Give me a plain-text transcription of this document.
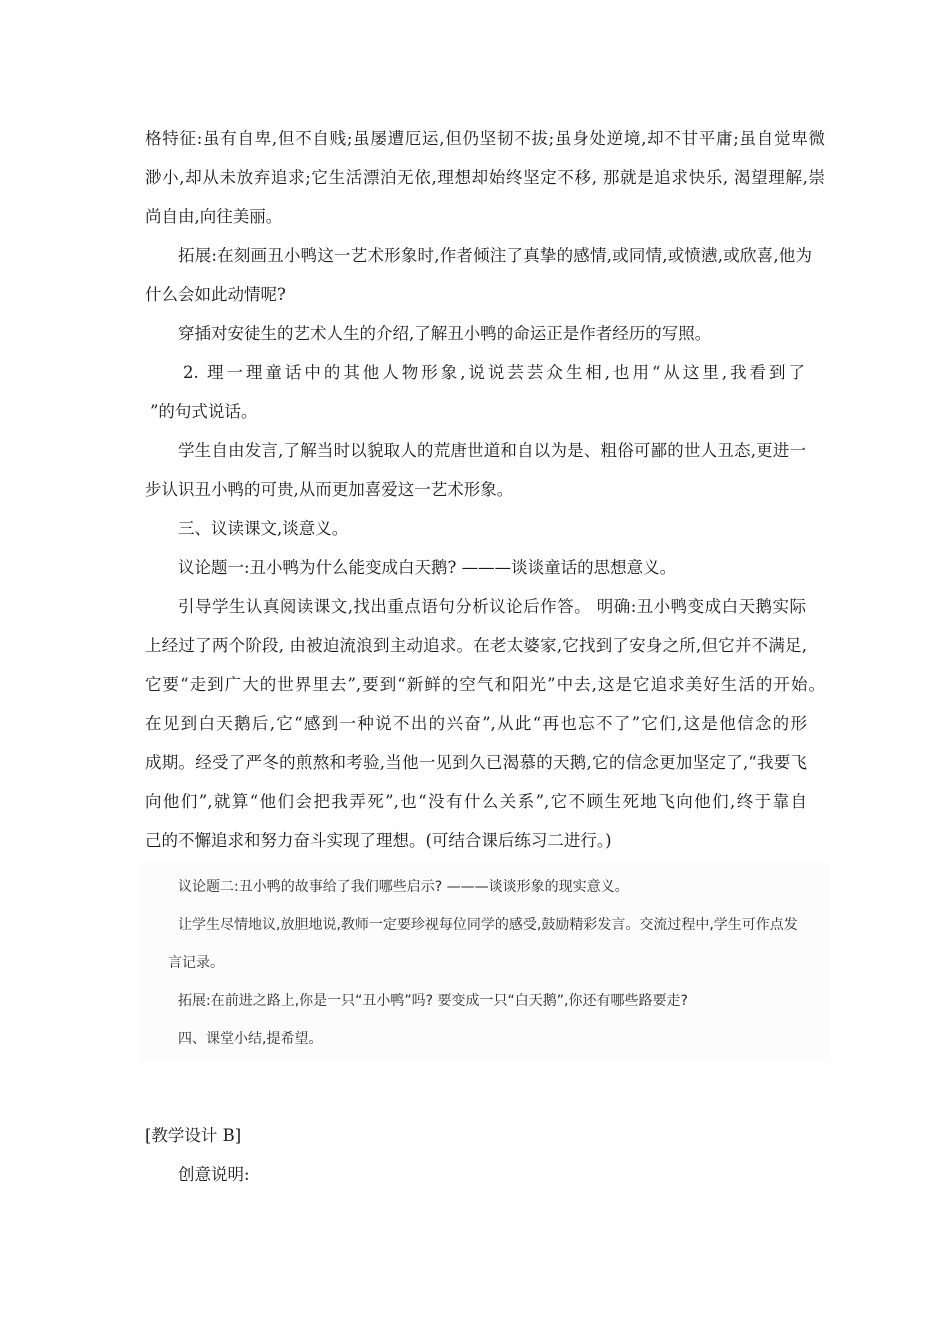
格特征:虽有自卑,但不自贱;虽屡遭厄运,但仍坚韧不拔;虽身处逆境,却不甘平庸;虽自觉卑微
渺小,却从未放弃追求;它生活漂泊无依,理想却始终坚定不移, 那就是追求快乐, 渴望理解,崇
尚自由,向往美丽。
拓展:在刻画丑小鸭这一艺术形象时,作者倾注了真挚的感情,或同情,或愤懑,或欣喜,他为
什么会如此动情呢?
穿插对安徒生的艺术人生的介绍,了解丑小鸭的命运正是作者经历的写照。
2. 理一理童话中的其他人物形象,说说芸芸众生相,也用“从这里,我看到了
”的句式说话。
学生自由发言,了解当时以貌取人的荒唐世道和自以为是、粗俗可鄙的世人丑态,更进一
步认识丑小鸭的可贵,从而更加喜爱这一艺术形象。
三、议读课文,谈意义。
议论题一:丑小鸭为什么能变成白天鹅? ———谈谈童话的思想意义。
引导学生认真阅读课文,找出重点语句分析议论后作答。 明确:丑小鸭变成白天鹅实际
上经过了两个阶段, 由被迫流浪到主动追求。在老太婆家,它找到了安身之所,但它并不满足,
它要“走到广大的世界里去”,要到“新鲜的空气和阳光”中去,这是它追求美好生活的开始。
在见到白天鹅后,它“感到一种说不出的兴奋”,从此“再也忘不了”它们,这是他信念的形
成期。经受了严冬的煎熬和考验,当他一见到久已渴慕的天鹅,它的信念更加坚定了,“我要飞
向他们”,就算“他们会把我弄死”,也“没有什么关系”,它不顾生死地飞向他们,终于靠自
己的不懈追求和努力奋斗实现了理想。(可结合课后练习二进行。)
议论题二:丑小鸭的故事给了我们哪些启示? ———谈谈形象的现实意义。
让学生尽情地议,放胆地说,教师一定要珍视每位同学的感受,鼓励精彩发言。交流过程中,学生可作点发
言记录。
拓展:在前进之路上,你是一只“丑小鸭”吗? 要变成一只“白天鹅”,你还有哪些路要走?
四、课堂小结,提希望。
[教学设计 B]
创意说明:
